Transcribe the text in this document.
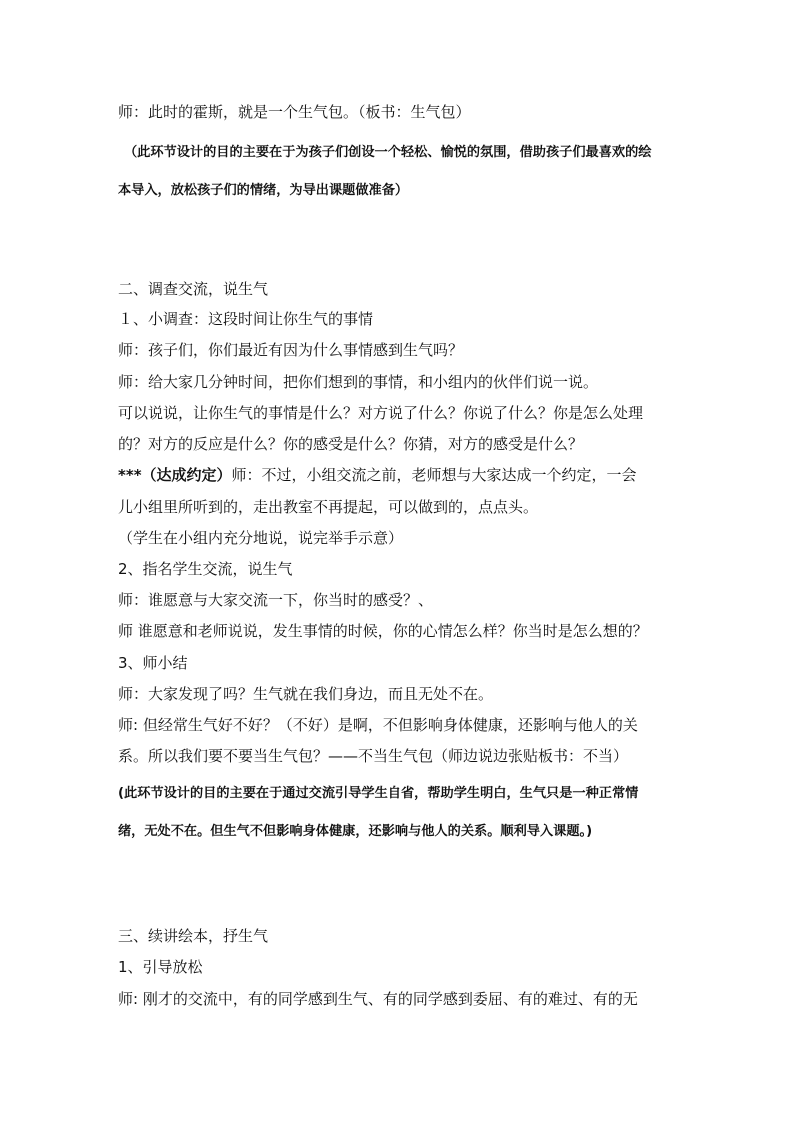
师：此时的霍斯，就是一个生气包。（板书：生气包）
（此环节设计的目的主要在于为孩子们创设一个轻松、愉悦的氛围，借助孩子们最喜欢的绘
本导入，放松孩子们的情绪，为导出课题做准备）
二、调查交流，说生气
１、小调查：这段时间让你生气的事情
师：孩子们，你们最近有因为什么事情感到生气吗？
师：给大家几分钟时间，把你们想到的事情，和小组内的伙伴们说一说。
可以说说，让你生气的事情是什么？对方说了什么？你说了什么？你是怎么处理
的？对方的反应是什么？你的感受是什么？你猜，对方的感受是什么？
***（达成约定）师：不过，小组交流之前，老师想与大家达成一个约定，一会
儿小组里所听到的，走出教室不再提起，可以做到的，点点头。
（学生在小组内充分地说，说完举手示意）
2、指名学生交流，说生气
师：谁愿意与大家交流一下，你当时的感受？、
师 谁愿意和老师说说，发生事情的时候，你的心情怎么样？你当时是怎么想的？
3、师小结
师：大家发现了吗？生气就在我们身边，而且无处不在。
师: 但经常生气好不好？（不好）是啊，不但影响身体健康，还影响与他人的关
系。所以我们要不要当生气包？——不当生气包（师边说边张贴板书：不当）
(此环节设计的目的主要在于通过交流引导学生自省，帮助学生明白，生气只是一种正常情
绪，无处不在。但生气不但影响身体健康，还影响与他人的关系。顺利导入课题。)
三、续讲绘本，抒生气
1、引导放松
师: 刚才的交流中，有的同学感到生气、有的同学感到委屈、有的难过、有的无
